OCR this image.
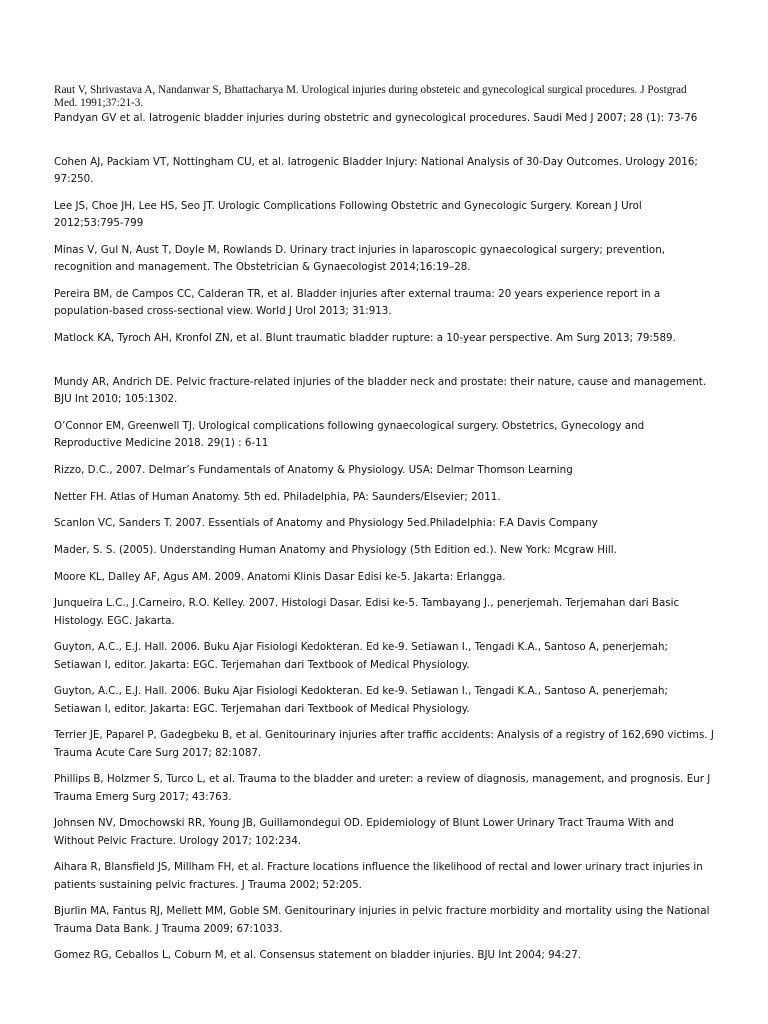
Raut V, Shrivastava A, Nandanwar S, Bhattacharya M. Urological injuries during obsteteic and gynecological surgical procedures. J Postgrad Med. 1991;37:21-3.
Pandyan GV et al. Iatrogenic bladder injuries during obstetric and gynecological procedures. Saudi Med J 2007; 28 (1): 73-76
Cohen AJ, Packiam VT, Nottingham CU, et al. Iatrogenic Bladder Injury: National Analysis of 30-Day Outcomes. Urology 2016; 97:250.
Lee JS, Choe JH, Lee HS, Seo JT. Urologic Complications Following Obstetric and Gynecologic Surgery. Korean J Urol 2012;53:795-799
Minas V, Gul N, Aust T, Doyle M, Rowlands D. Urinary tract injuries in laparoscopic gynaecological surgery; prevention, recognition and management. The Obstetrician & Gynaecologist 2014;16:19–28.
Pereira BM, de Campos CC, Calderan TR, et al. Bladder injuries after external trauma: 20 years experience report in a population-based cross-sectional view. World J Urol 2013; 31:913.
Matlock KA, Tyroch AH, Kronfol ZN, et al. Blunt traumatic bladder rupture: a 10-year perspective. Am Surg 2013; 79:589.
Mundy AR, Andrich DE. Pelvic fracture-related injuries of the bladder neck and prostate: their nature, cause and management. BJU Int 2010; 105:1302.
O’Connor EM, Greenwell TJ. Urological complications following gynaecological surgery. Obstetrics, Gynecology and Reproductive Medicine 2018. 29(1) : 6-11
Rizzo, D.C., 2007. Delmar’s Fundamentals of Anatomy & Physiology. USA: Delmar Thomson Learning
Netter FH. Atlas of Human Anatomy. 5th ed. Philadelphia, PA: Saunders/Elsevier; 2011.
Scanlon VC, Sanders T. 2007. Essentials of Anatomy and Physiology 5ed.Philadelphia: F.A Davis Company
Mader, S. S. (2005). Understanding Human Anatomy and Physiology (5th Edition ed.). New York: Mcgraw Hill.
Moore KL, Dalley AF, Agus AM. 2009. Anatomi Klinis Dasar Edisi ke-5. Jakarta: Erlangga.
Junqueira L.C., J.Carneiro, R.O. Kelley. 2007. Histologi Dasar. Edisi ke-5. Tambayang J., penerjemah. Terjemahan dari Basic Histology. EGC. Jakarta.
Guyton, A.C., E.J. Hall. 2006. Buku Ajar Fisiologi Kedokteran. Ed ke-9. Setiawan I., Tengadi K.A., Santoso A, penerjemah; Setiawan I, editor. Jakarta: EGC. Terjemahan dari Textbook of Medical Physiology.
Guyton, A.C., E.J. Hall. 2006. Buku Ajar Fisiologi Kedokteran. Ed ke-9. Setiawan I., Tengadi K.A., Santoso A, penerjemah; Setiawan I, editor. Jakarta: EGC. Terjemahan dari Textbook of Medical Physiology.
Terrier JE, Paparel P, Gadegbeku B, et al. Genitourinary injuries after traffic accidents: Analysis of a registry of 162,690 victims. J Trauma Acute Care Surg 2017; 82:1087.
Phillips B, Holzmer S, Turco L, et al. Trauma to the bladder and ureter: a review of diagnosis, management, and prognosis. Eur J Trauma Emerg Surg 2017; 43:763.
Johnsen NV, Dmochowski RR, Young JB, Guillamondegui OD. Epidemiology of Blunt Lower Urinary Tract Trauma With and Without Pelvic Fracture. Urology 2017; 102:234.
Aihara R, Blansfield JS, Millham FH, et al. Fracture locations influence the likelihood of rectal and lower urinary tract injuries in patients sustaining pelvic fractures. J Trauma 2002; 52:205.
Bjurlin MA, Fantus RJ, Mellett MM, Goble SM. Genitourinary injuries in pelvic fracture morbidity and mortality using the National Trauma Data Bank. J Trauma 2009; 67:1033.
Gomez RG, Ceballos L, Coburn M, et al. Consensus statement on bladder injuries. BJU Int 2004; 94:27.
